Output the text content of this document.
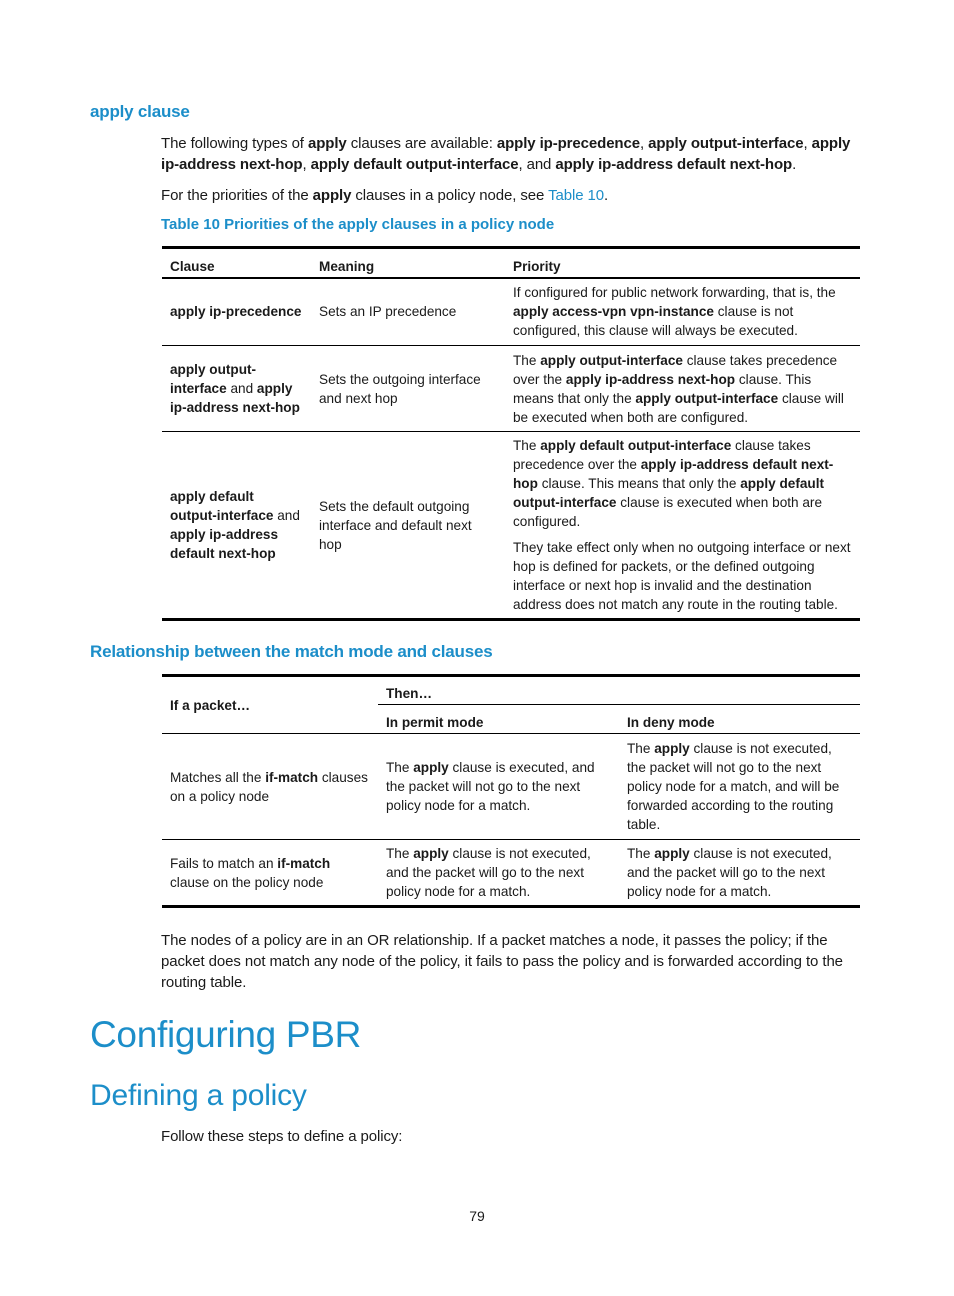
apply clause
The following types of apply clauses are available: apply ip-precedence, apply output-interface, apply ip-address next-hop, apply default output-interface, and apply ip-address default next-hop.
For the priorities of the apply clauses in a policy node, see Table 10.
Table 10 Priorities of the apply clauses in a policy node
Clause	Meaning	Priority
apply ip-precedence	Sets an IP precedence	If configured for public network forwarding, that is, the apply access-vpn vpn-instance clause is not configured, this clause will always be executed.
apply output-interface and apply ip-address next-hop	Sets the outgoing interface and next hop	The apply output-interface clause takes precedence over the apply ip-address next-hop clause. This means that only the apply output-interface clause will be executed when both are configured.
apply default output-interface and apply ip-address default next-hop	Sets the default outgoing interface and default next hop	The apply default output-interface clause takes precedence over the apply ip-address default next-hop clause. This means that only the apply default output-interface clause is executed when both are configured.

They take effect only when no outgoing interface or next hop is defined for packets, or the defined outgoing interface or next hop is invalid and the destination address does not match any route in the routing table.

Relationship between the match mode and clauses
If a packet…	Then…	
	In permit mode	In deny mode
Matches all the if-match clauses on a policy node	The apply clause is executed, and the packet will not go to the next policy node for a match.	The apply clause is not executed, the packet will not go to the next policy node for a match, and will be forwarded according to the routing table.
Fails to match an if-match clause on the policy node	The apply clause is not executed, and the packet will go to the next policy node for a match.	The apply clause is not executed, and the packet will go to the next policy node for a match.
The nodes of a policy are in an OR relationship. If a packet matches a node, it passes the policy; if the packet does not match any node of the policy, it fails to pass the policy and is forwarded according to the routing table.
Configuring PBR
Defining a policy
Follow these steps to define a policy:
79
